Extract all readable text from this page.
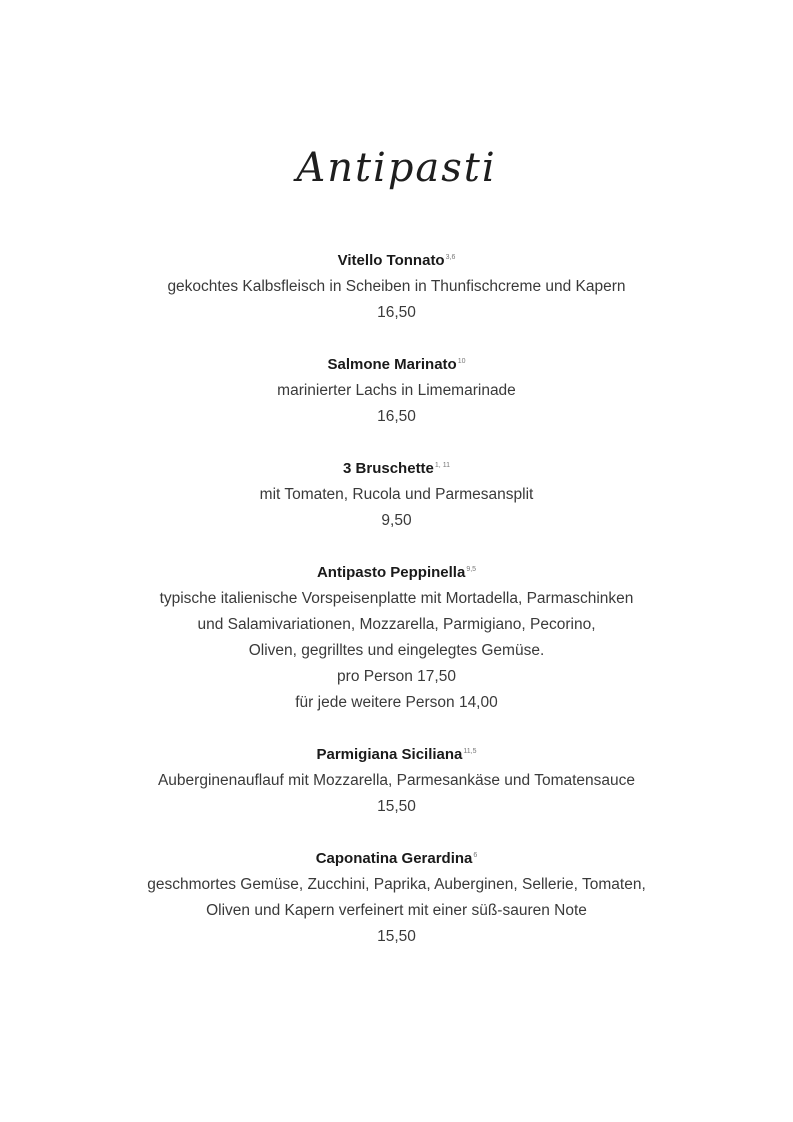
Antipasti
Vitello Tonnato$^{3,6}$
gekochtes Kalbsfleisch in Scheiben in Thunfischcreme und Kapern
16,50
Salmone Marinato$^{10}$
marinierter Lachs in Limemarinade
16,50
3 Bruschette$^{1, 11}$
mit Tomaten, Rucola und Parmesansplit
9,50
Antipasto Peppinella$^{9,5}$
typische italienische Vorspeisenplatte mit Mortadella, Parmaschinken
und Salamivariationen, Mozzarella, Parmigiano, Pecorino,
Oliven, gegrilltes und eingelegtes Gemüse.
pro Person 17,50
für jede weitere Person 14,00
Parmigiana Siciliana$^{11,5}$
Auberginenauflauf mit Mozzarella, Parmesankäse und Tomatensauce
15,50
Caponatina Gerardina$^6$
geschmortes Gemüse, Zucchini, Paprika, Auberginen, Sellerie, Tomaten,
Oliven und Kapern verfeinert mit einer süß-sauren Note
15,50
